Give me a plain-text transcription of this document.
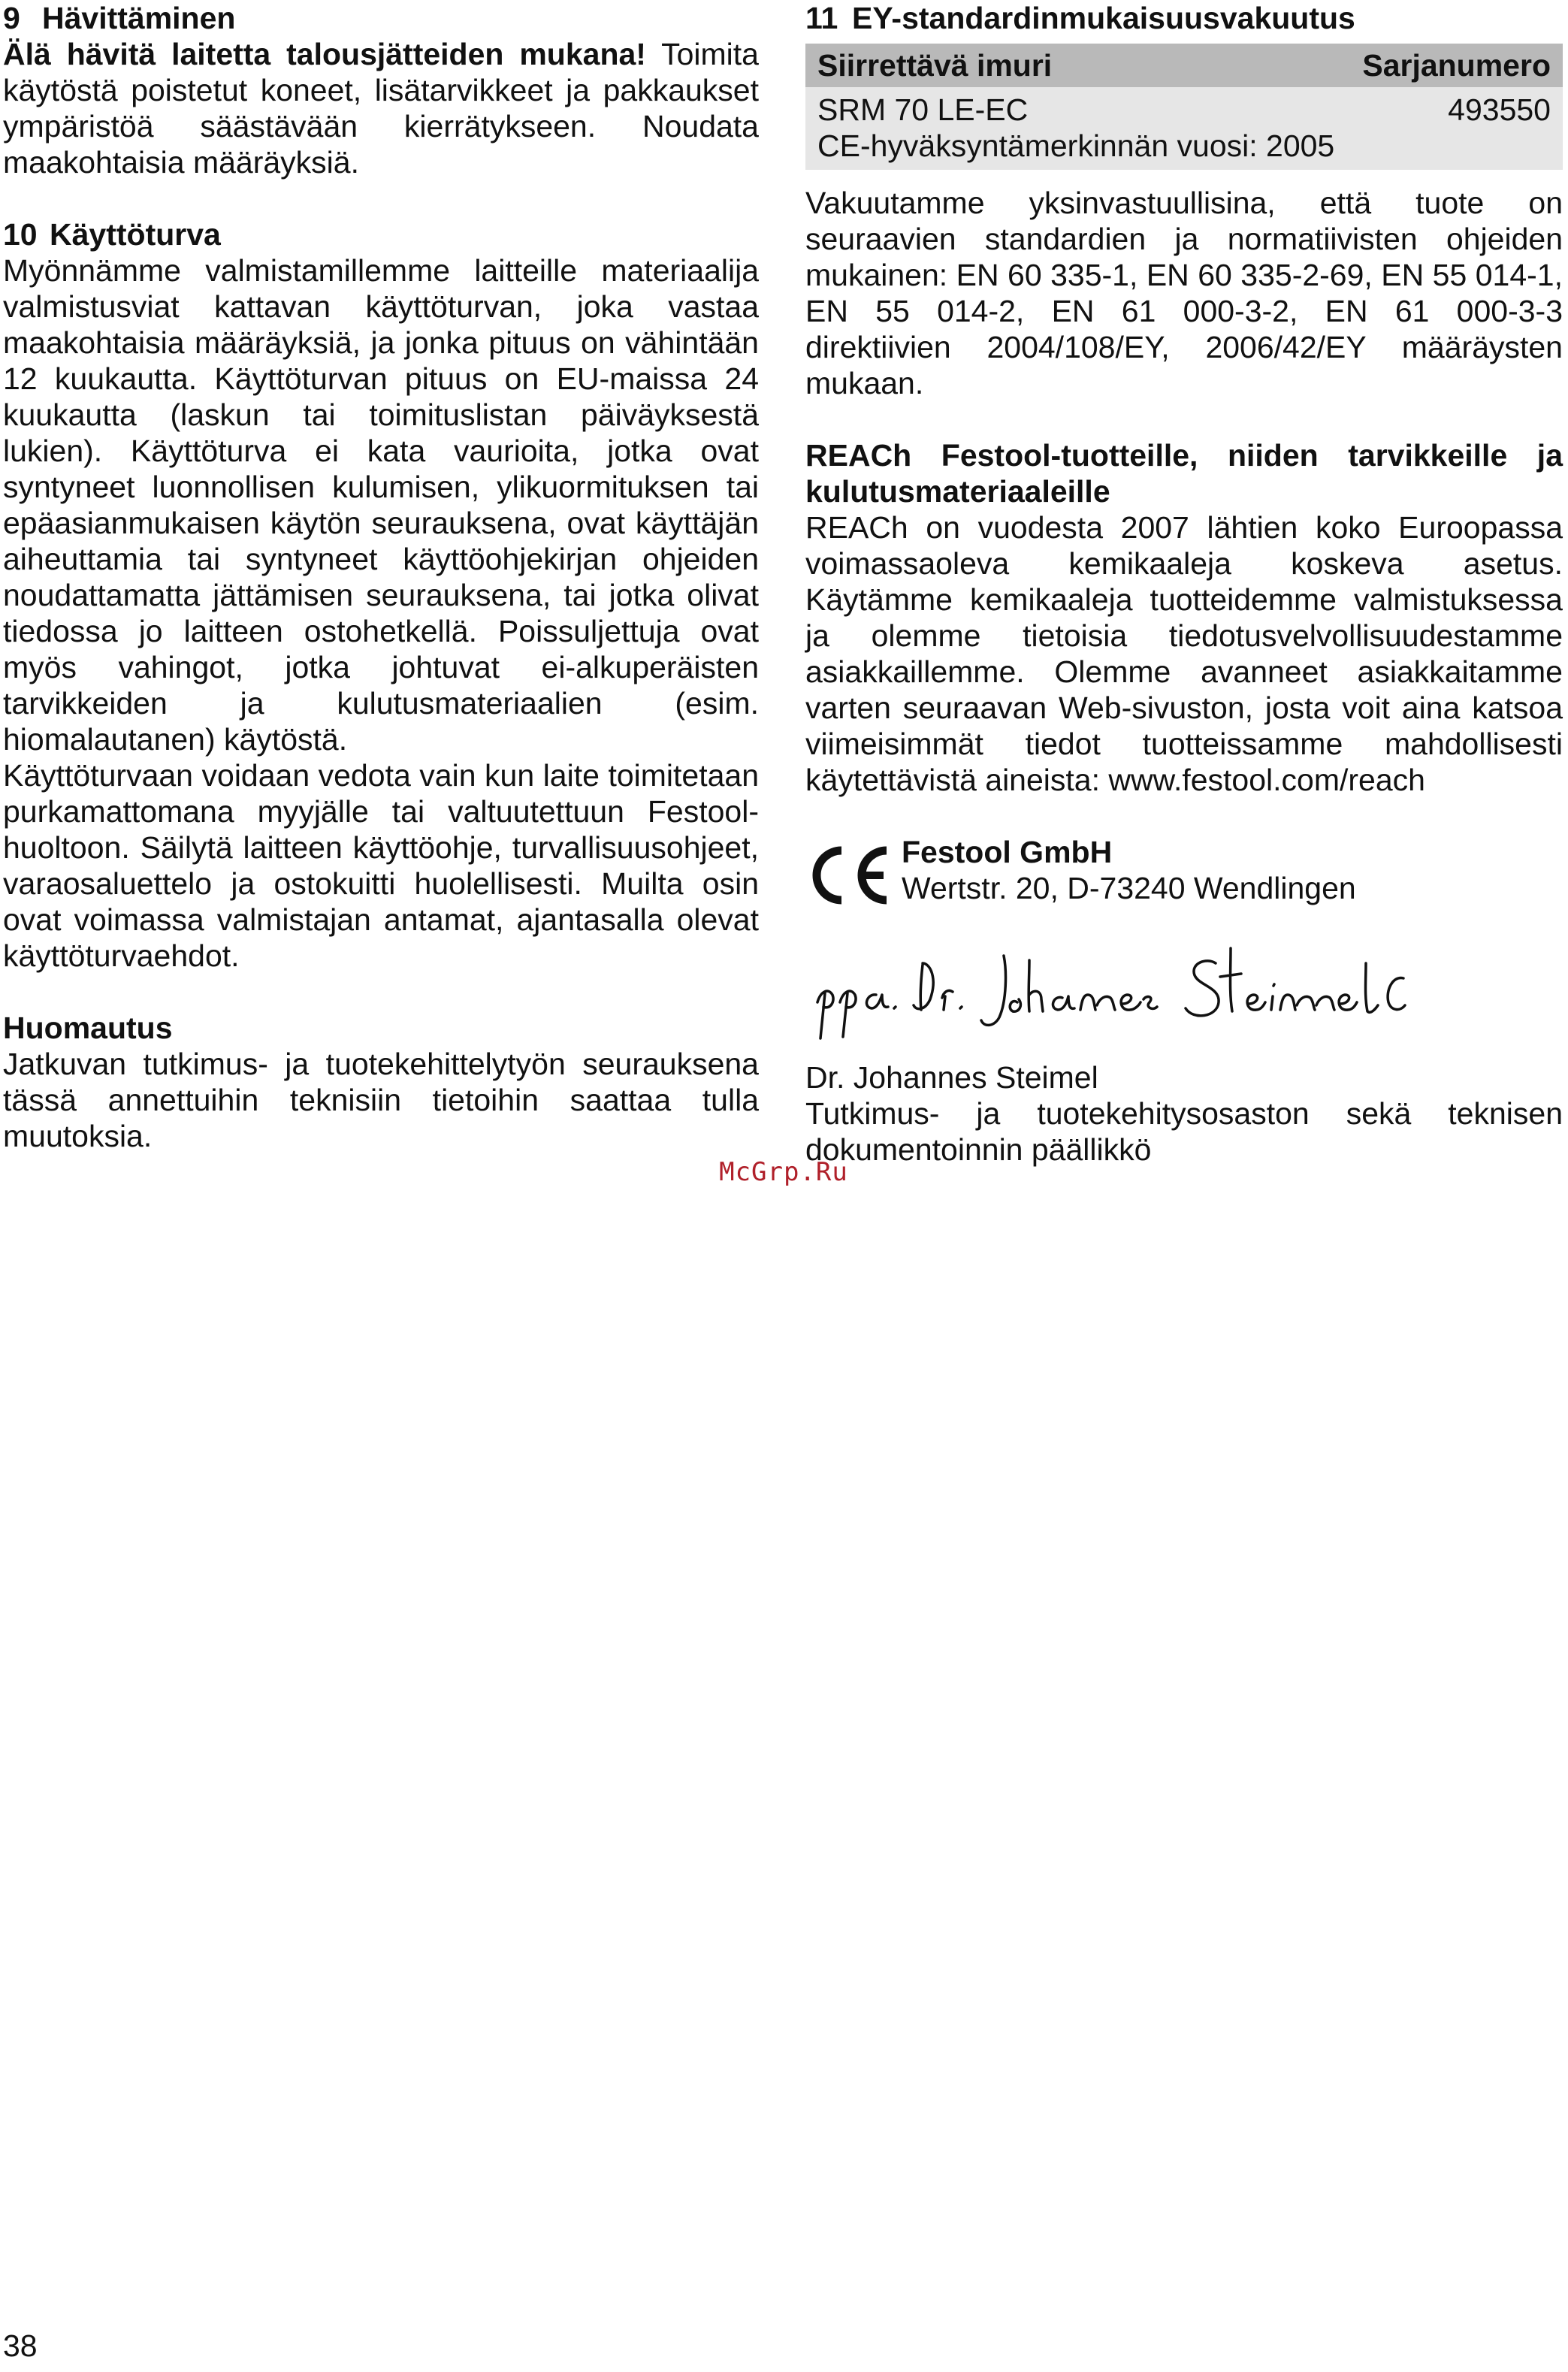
9 Hävittäminen

Älä hävitä laitetta talousjätteiden mukana! Toimita käytöstä poistetut koneet, lisätarvikkeet ja pakkaukset ympäristöä säästävään kierrätykseen. Noudata maakohtaisia määräyksiä.

10 Käyttöturva

Myönnämme valmistamillemme laitteille materiaalija valmistusviat kattavan käyttöturvan, joka vastaa maakohtaisia määräyksiä, ja jonka pituus on vähintään 12 kuukautta. Käyttöturvan pituus on EU-maissa 24 kuukautta (laskun tai toimituslistan päiväyksestä lukien). Käyttöturva ei kata vaurioita, jotka ovat syntyneet luonnollisen kulumisen, ylikuormituksen tai epäasianmukaisen käytön seurauksena, ovat käyttäjän aiheuttamia tai syntyneet käyttöohjekirjan ohjeiden noudattamatta jättämisen seurauksena, tai jotka olivat tiedossa jo laitteen ostohetkellä. Poissuljettuja ovat myös vahingot, jotka johtuvat ei-alkuperäisten tarvikkeiden ja kulutusmateriaalien (esim. hiomalautanen) käytöstä.

Käyttöturvaan voidaan vedota vain kun laite toimitetaan purkamattomana myyjälle tai valtuutettuun Festool-huoltoon. Säilytä laitteen käyttöohje, turvallisuusohjeet, varaosaluettelo ja ostokuitti huolellisesti. Muilta osin ovat voimassa valmistajan antamat, ajantasalla olevat käyttöturvaehdot.

Huomautus

Jatkuvan tutkimus- ja tuotekehittelytyön seurauksena tässä annettuihin teknisiin tietoihin saattaa tulla muutoksia.

11 EY-standardinmukaisuusvakuutus

Siirrettävä imuri	Sarjanumero
SRM 70 LE-EC	493550
CE-hyväksyntämerkinnän vuosi: 2005	

Vakuutamme yksinvastuullisina, että tuote on seuraavien standardien ja normatiivisten ohjeiden mukainen: EN 60 335-1, EN 60 335-2-69, EN 55 014-1, EN 55 014-2, EN 61 000-3-2, EN 61 000-3-3 direktiivien 2004/108/EY, 2006/42/EY määräysten mukaan.

REACh Festool-tuotteille, niiden tarvikkeille ja kulutusmateriaaleille

REACh on vuodesta 2007 lähtien koko Euroopassa voimassaoleva kemikaaleja koskeva asetus. Käytämme kemikaaleja tuotteidemme valmistuksessa ja olemme tietoisia tiedotusvelvollisuudestamme asiakkaillemme. Olemme avanneet asiakkaitamme varten seuraavan Web-sivuston, josta voit aina katsoa viimeisimmät tiedot tuotteissamme mahdollisesti käytettävistä aineista: www.festool.com/reach

Festool GmbH
Wertstr. 20, D-73240 Wendlingen
Dr. Johannes Steimel

Tutkimus- ja tuotekehitysosaston sekä teknisen dokumentoinnin päällikkö

McGrp.Ru
38
